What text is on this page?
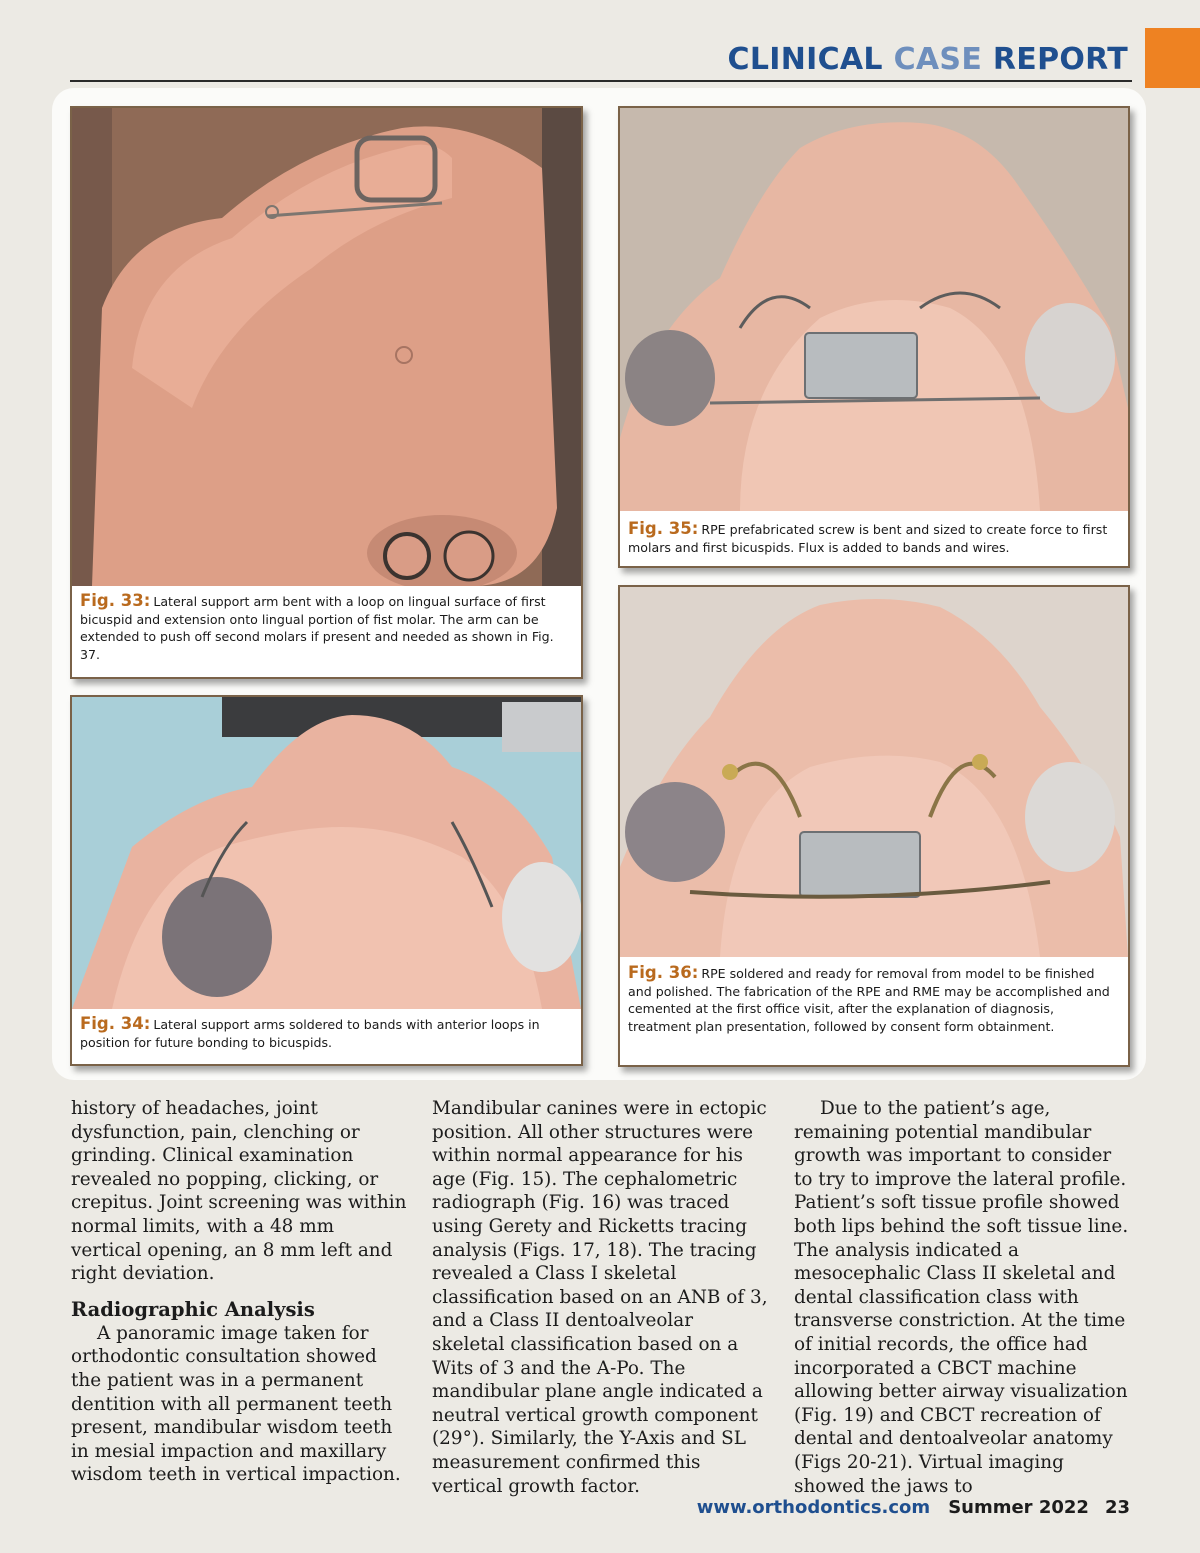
CLINICAL CASE REPORT
Fig. 33: Lateral support arm bent with a loop on lingual surface of first bicuspid and extension onto lingual portion of fist molar. The arm can be extended to push off second molars if present and needed as shown in Fig. 37.
Fig. 34: Lateral support arms soldered to bands with anterior loops in position for future bonding to bicuspids.
Fig. 35: RPE prefabricated screw is bent and sized to create force to first molars and first bicuspids. Flux is added to bands and wires.
Fig. 36: RPE soldered and ready for removal from model to be finished and polished. The fabrication of the RPE and RME may be accomplished and cemented at the first office visit, after the explanation of diagnosis, treatment plan presentation, followed by consent form obtainment.

history of headaches, joint dysfunction, pain, clenching or grinding. Clinical examination revealed no popping, clicking, or crepitus. Joint screening was within normal limits, with a 48 mm vertical opening, an 8 mm left and right deviation.

Radiographic Analysis

A panoramic image taken for orthodontic consultation showed the patient was in a permanent dentition with all permanent teeth present, mandibular wisdom teeth in mesial impaction and maxillary wisdom teeth in vertical impaction.

Mandibular canines were in ectopic position. All other structures were within normal appearance for his age (Fig. 15). The cephalometric radiograph (Fig. 16) was traced using Gerety and Ricketts tracing analysis (Figs. 17, 18). The tracing revealed a Class I skeletal classification based on an ANB of 3, and a Class II dentoalveolar skeletal classification based on a Wits of 3 and the A-Po. The mandibular plane angle indicated a neutral vertical growth component (29°). Similarly, the Y-Axis and SL measurement confirmed this vertical growth factor.

Due to the patient’s age, remaining potential mandibular growth was important to consider to try to improve the lateral profile. Patient’s soft tissue profile showed both lips behind the soft tissue line. The analysis indicated a mesocephalic Class II skeletal and dental classification class with transverse constriction. At the time of initial records, the office had incorporated a CBCT machine allowing better airway visualization (Fig. 19) and CBCT recreation of dental and dentoalveolar anatomy (Figs 20-21). Virtual imaging showed the jaws to

www.orthodontics.com Summer 2022 23
